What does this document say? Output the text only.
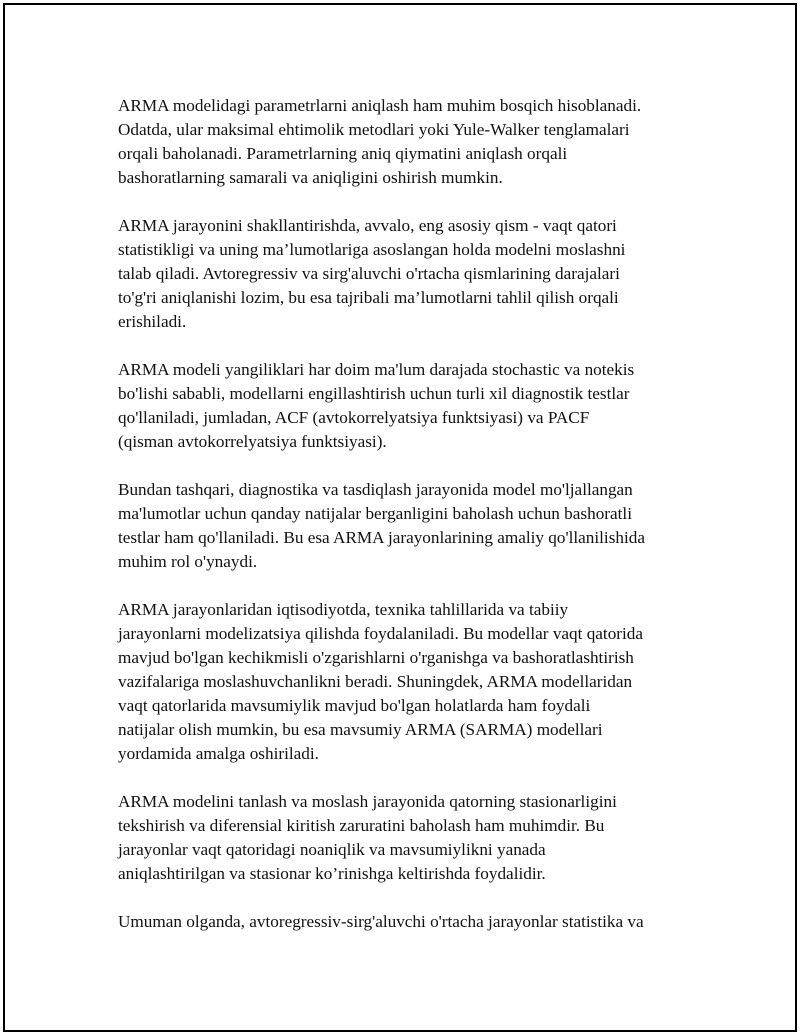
ARMA modelidagi parametrlarni aniqlash ham muhim bosqich hisoblanadi.
Odatda, ular maksimal ehtimolik metodlari yoki Yule-Walker tenglamalari
orqali baholanadi. Parametrlarning aniq qiymatini aniqlash orqali
bashoratlarning samarali va aniqligini oshirish mumkin.

ARMA jarayonini shakllantirishda, avvalo, eng asosiy qism - vaqt qatori
statistikligi va uning ma’lumotlariga asoslangan holda modelni moslashni
talab qiladi. Avtoregressiv va sirg'aluvchi o'rtacha qismlarining darajalari
to'g'ri aniqlanishi lozim, bu esa tajribali ma’lumotlarni tahlil qilish orqali
erishiladi.

ARMA modeli yangiliklari har doim ma'lum darajada stochastic va notekis
bo'lishi sababli, modellarni engillashtirish uchun turli xil diagnostik testlar
qo'llaniladi, jumladan, ACF (avtokorrelyatsiya funktsiyasi) va PACF
(qisman avtokorrelyatsiya funktsiyasi).

Bundan tashqari, diagnostika va tasdiqlash jarayonida model mo'ljallangan
ma'lumotlar uchun qanday natijalar berganligini baholash uchun bashoratli
testlar ham qo'llaniladi. Bu esa ARMA jarayonlarining amaliy qo'llanilishida
muhim rol o'ynaydi.

ARMA jarayonlaridan iqtisodiyotda, texnika tahlillarida va tabiiy
jarayonlarni modelizatsiya qilishda foydalaniladi. Bu modellar vaqt qatorida
mavjud bo'lgan kechikmisli o'zgarishlarni o'rganishga va bashoratlashtirish
vazifalariga moslashuvchanlikni beradi. Shuningdek, ARMA modellaridan
vaqt qatorlarida mavsumiylik mavjud bo'lgan holatlarda ham foydali
natijalar olish mumkin, bu esa mavsumiy ARMA (SARMA) modellari
yordamida amalga oshiriladi.

ARMA modelini tanlash va moslash jarayonida qatorning stasionarligini
tekshirish va diferensial kiritish zaruratini baholash ham muhimdir. Bu
jarayonlar vaqt qatoridagi noaniqlik va mavsumiylikni yanada
aniqlashtirilgan va stasionar ko’rinishga keltirishda foydalidir.

Umuman olganda, avtoregressiv-sirg'aluvchi o'rtacha jarayonlar statistika va
